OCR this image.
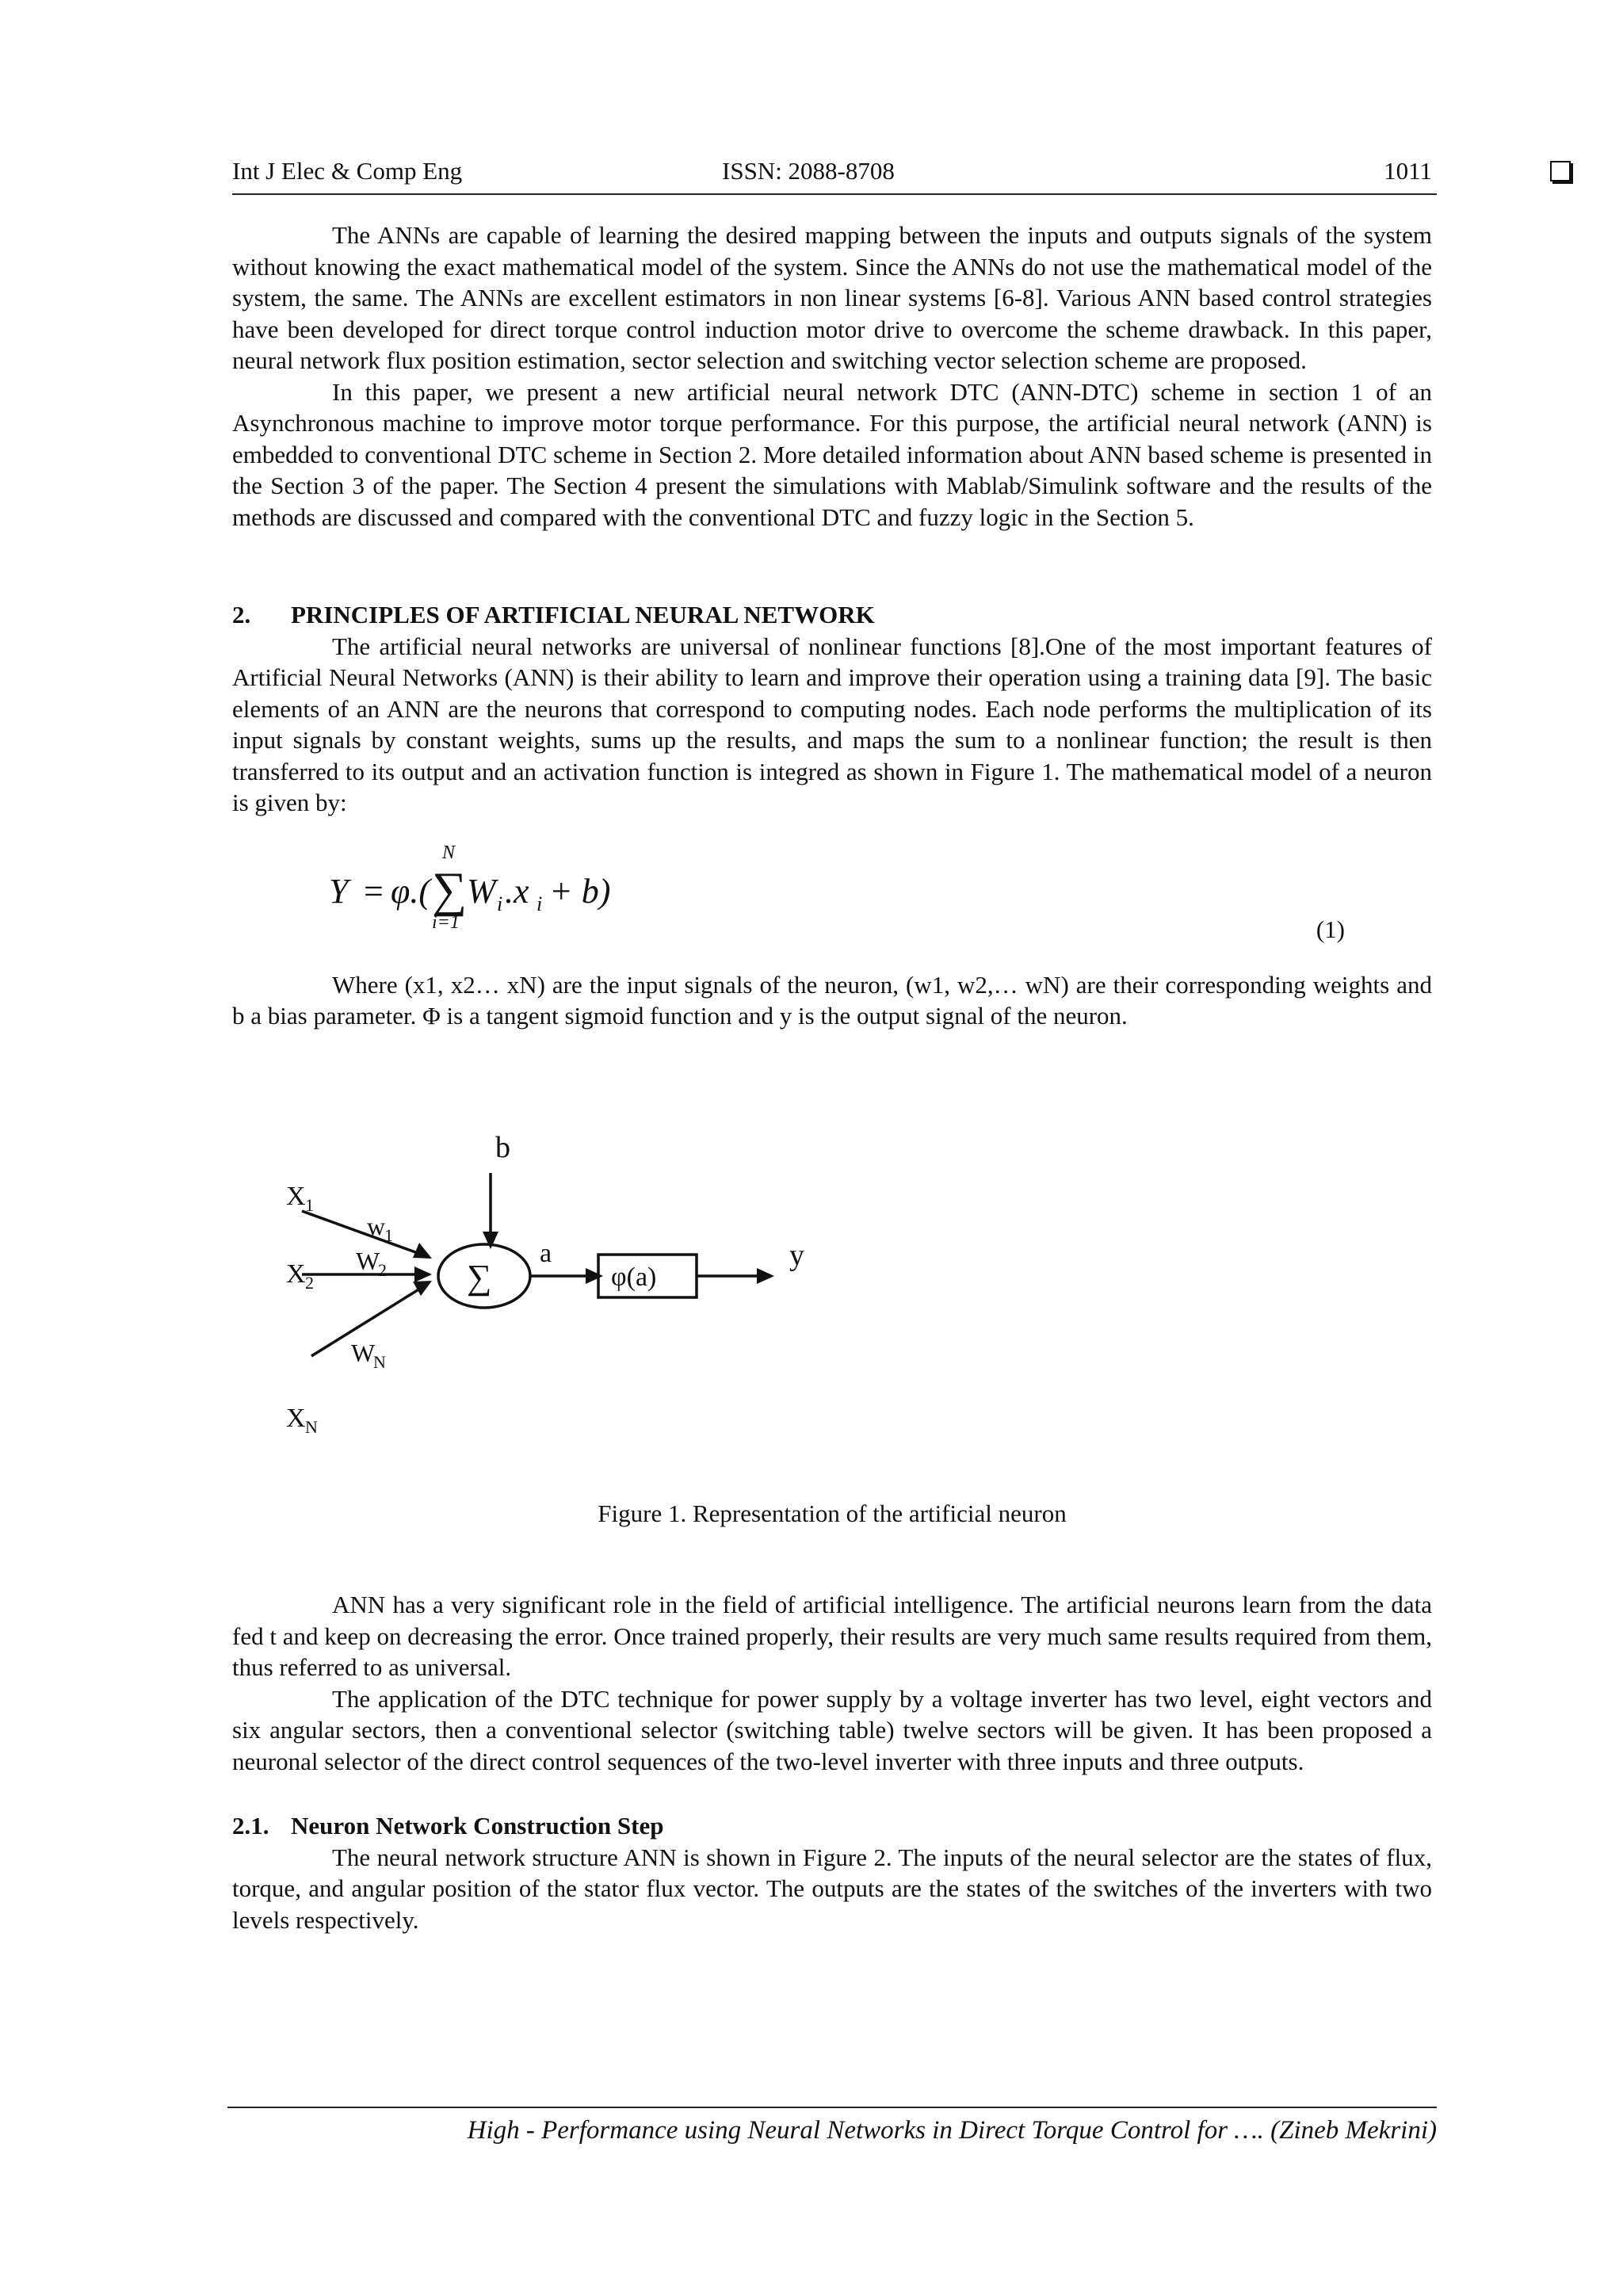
Int J Elec & Comp Eng	ISSN: 2088-8708	1011

The ANNs are capable of learning the desired mapping between the inputs and outputs signals of the system without knowing the exact mathematical model of the system. Since the ANNs do not use the mathematical model of the system, the same. The ANNs are excellent estimators in non linear systems [6-8]. Various ANN based control strategies have been developed for direct torque control induction motor drive to overcome the scheme drawback. In this paper, neural network flux position estimation, sector selection and switching vector selection scheme are proposed.

In this paper, we present a new artificial neural network DTC (ANN-DTC) scheme in section 1 of an Asynchronous machine to improve motor torque performance. For this purpose, the artificial neural network (ANN) is embedded to conventional DTC scheme in Section 2. More detailed information about ANN based scheme is presented in the Section 3 of the paper. The Section 4 present the simulations with Mablab/Simulink software and the results of the methods are discussed and compared with the conventional DTC and fuzzy logic in the Section 5.

2. PRINCIPLES OF ARTIFICIAL NEURAL NETWORK

The artificial neural networks are universal of nonlinear functions [8].One of the most important features of Artificial Neural Networks (ANN) is their ability to learn and improve their operation using a training data [9]. The basic elements of an ANN are the neurons that correspond to computing nodes. Each node performs the multiplication of its input signals by constant weights, sums up the results, and maps the sum to a nonlinear function; the result is then transferred to its output and an activation function is integred as shown in Figure 1. The mathematical model of a neuron is given by:

Y = φ.( ∑
N
i=1
W i .x i + b)
(1)

Where (x1, x2… xN) are the input signals of the neuron, (w1, w2,… wN) are their corresponding weights and b a bias parameter. Φ is a tangent sigmoid function and y is the output signal of the neuron.

X 1
X 2
X N
w
1
W
2
W
N
b
∑
a
φ(a)
y

Figure 1. Representation of the artificial neuron

ANN has a very significant role in the field of artificial intelligence. The artificial neurons learn from the data fed t and keep on decreasing the error. Once trained properly, their results are very much same results required from them, thus referred to as universal.

The application of the DTC technique for power supply by a voltage inverter has two level, eight vectors and six angular sectors, then a conventional selector (switching table) twelve sectors will be given. It has been proposed a neuronal selector of the direct control sequences of the two-level inverter with three inputs and three outputs.

2.1. Neuron Network Construction Step

The neural network structure ANN is shown in Figure 2. The inputs of the neural selector are the states of flux, torque, and angular position of the stator flux vector. The outputs are the states of the switches of the inverters with two levels respectively.

High - Performance using Neural Networks in Direct Torque Control for …. (Zineb Mekrini)
